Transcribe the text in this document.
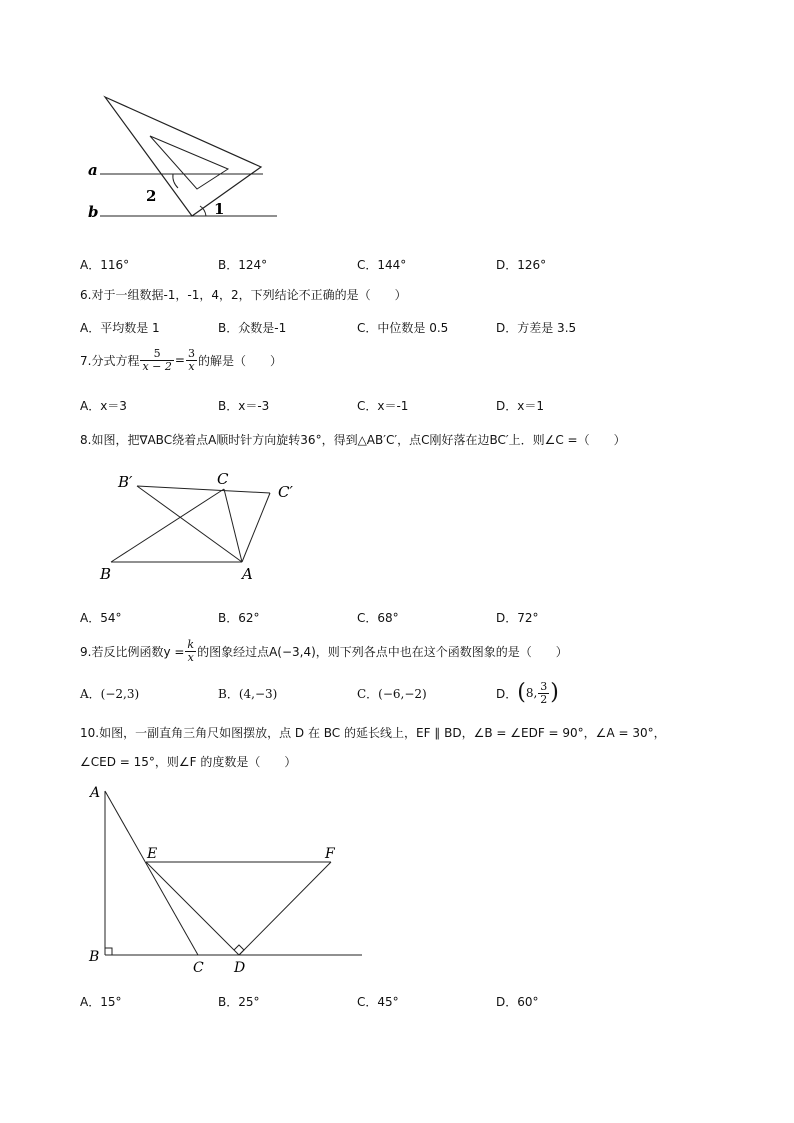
a
b
2
1
A．116°	B．124°	C．144°	D．126°
6.对于一组数据-1，-1，4，2，下列结论不正确的是（　　）
A．平均数是 1	B．众数是-1	C．中位数是 0.5	D．方差是 3.5
7.分式方程 $\frac{5}{x - 2} = \frac{3}{x}$ 的解是（　　）
A．x＝3	B．x＝-3	C．x＝-1	D．x＝1
8.如图，把∇ABC绕着点A顺时针方向旋转36°，得到△AB′C′，点C刚好落在边BC′上．则∠C =（　　）
B′	C
C′
B	A
A．54°	B．62°	C．68°	D．72°
9.若反比例函数$y = \frac{k}{x}$ 的图象经过点A(−3,4)，则下列各点中也在这个函数图象的是（　　）
A．(−2,3)	B．(4,−3)	C．(−6,−2)	D． ( 8, $\frac{3}{2}$ )
10.如图，一副直角三角尺如图摆放，点 D 在 BC 的延长线上，EF ∥ BD，∠B = ∠EDF = 90°，∠A = 30°，
∠CED = 15°，则∠F 的度数是（　　）
A
E	F
B
C D
A．15°	B．25°	C．45°	D．60°
